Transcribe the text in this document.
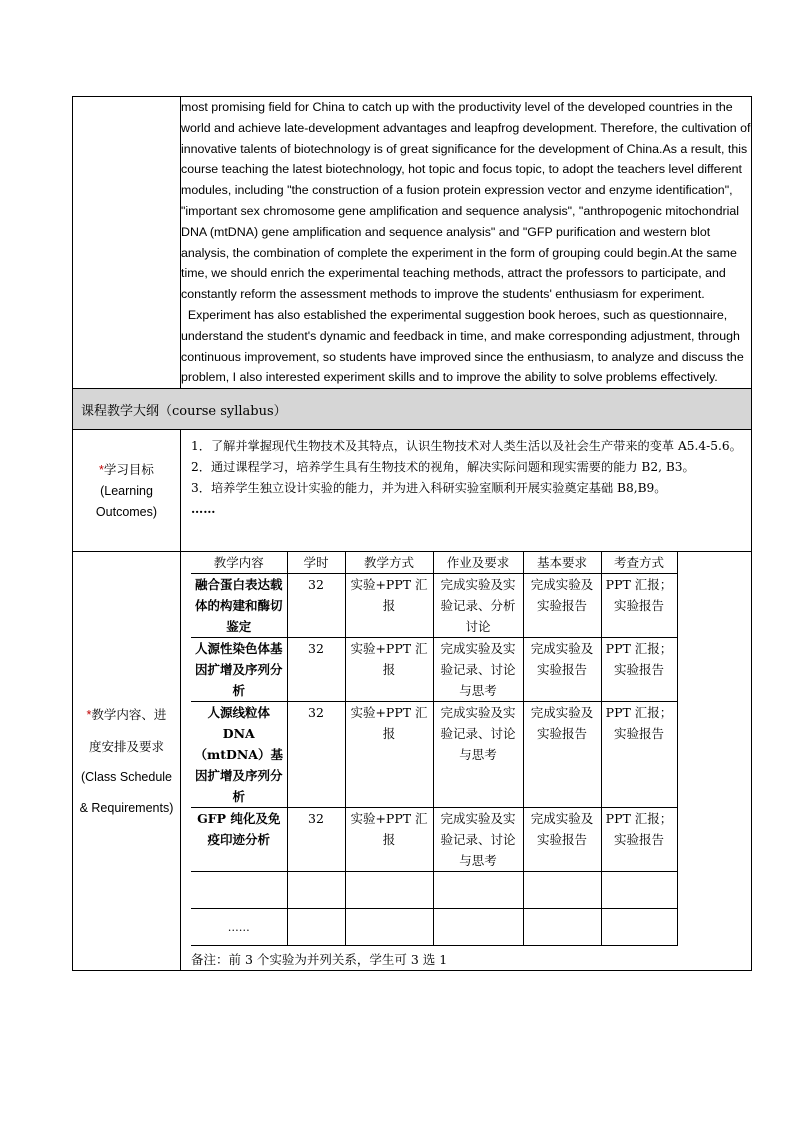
most promising field for China to catch up with the productivity level of the developed countries in the world and achieve late-development advantages and leapfrog development. Therefore, the cultivation of innovative talents of biotechnology is of great significance for the development of China.As a result, this course teaching the latest biotechnology, hot topic and focus topic, to adopt the teachers level different modules, including "the construction of a fusion protein expression vector and enzyme identification", "important sex chromosome gene amplification and sequence analysis", "anthropogenic mitochondrial DNA (mtDNA) gene amplification and sequence analysis" and "GFP purification and western blot analysis, the combination of complete the experiment in the form of grouping could begin.At the same time, we should enrich the experimental teaching methods, attract the professors to participate, and constantly reform the assessment methods to improve the students' enthusiasm for experiment.

Experiment has also established the experimental suggestion book heroes, such as questionnaire, understand the student's dynamic and feedback in time, and make corresponding adjustment, through continuous improvement, so students have improved since the enthusiasm, to analyze and discuss the problem, I also interested experiment skills and to improve the ability to solve problems effectively.

课程教学大纲（course syllabus）

*学习目标
(Learning
Outcomes)

1．了解并掌握现代生物技术及其特点，认识生物技术对人类生活以及社会生产带来的变革 A5.4-5.6。

2．通过课程学习，培养学生具有生物技术的视角，解决实际问题和现实需要的能力 B2, B3。

3．培养学生独立设计实验的能力，并为进入科研实验室顺利开展实验奠定基础 B8,B9。

……

*教学内容、进
度安排及要求
(Class Schedule
& Requirements)

教学内容	学时	教学方式	作业及要求	基本要求	考查方式
融合蛋白表达载体的构建和酶切鉴定	32	实验+PPT 汇报	完成实验及实验记录、分析讨论	完成实验及实验报告	PPT 汇报；实验报告
人源性染色体基因扩增及序列分析	32	实验+PPT 汇报	完成实验及实验记录、讨论与思考	完成实验及实验报告	PPT 汇报；实验报告
人源线粒体 DNA（mtDNA）基因扩增及序列分析	32	实验+PPT 汇报	完成实验及实验记录、讨论与思考	完成实验及实验报告	PPT 汇报；实验报告
GFP 纯化及免疫印迹分析	32	实验+PPT 汇报	完成实验及实验记录、讨论与思考	完成实验及实验报告	PPT 汇报；实验报告

……					
备注：前 3 个实验为并列关系，学生可 3 选 1
